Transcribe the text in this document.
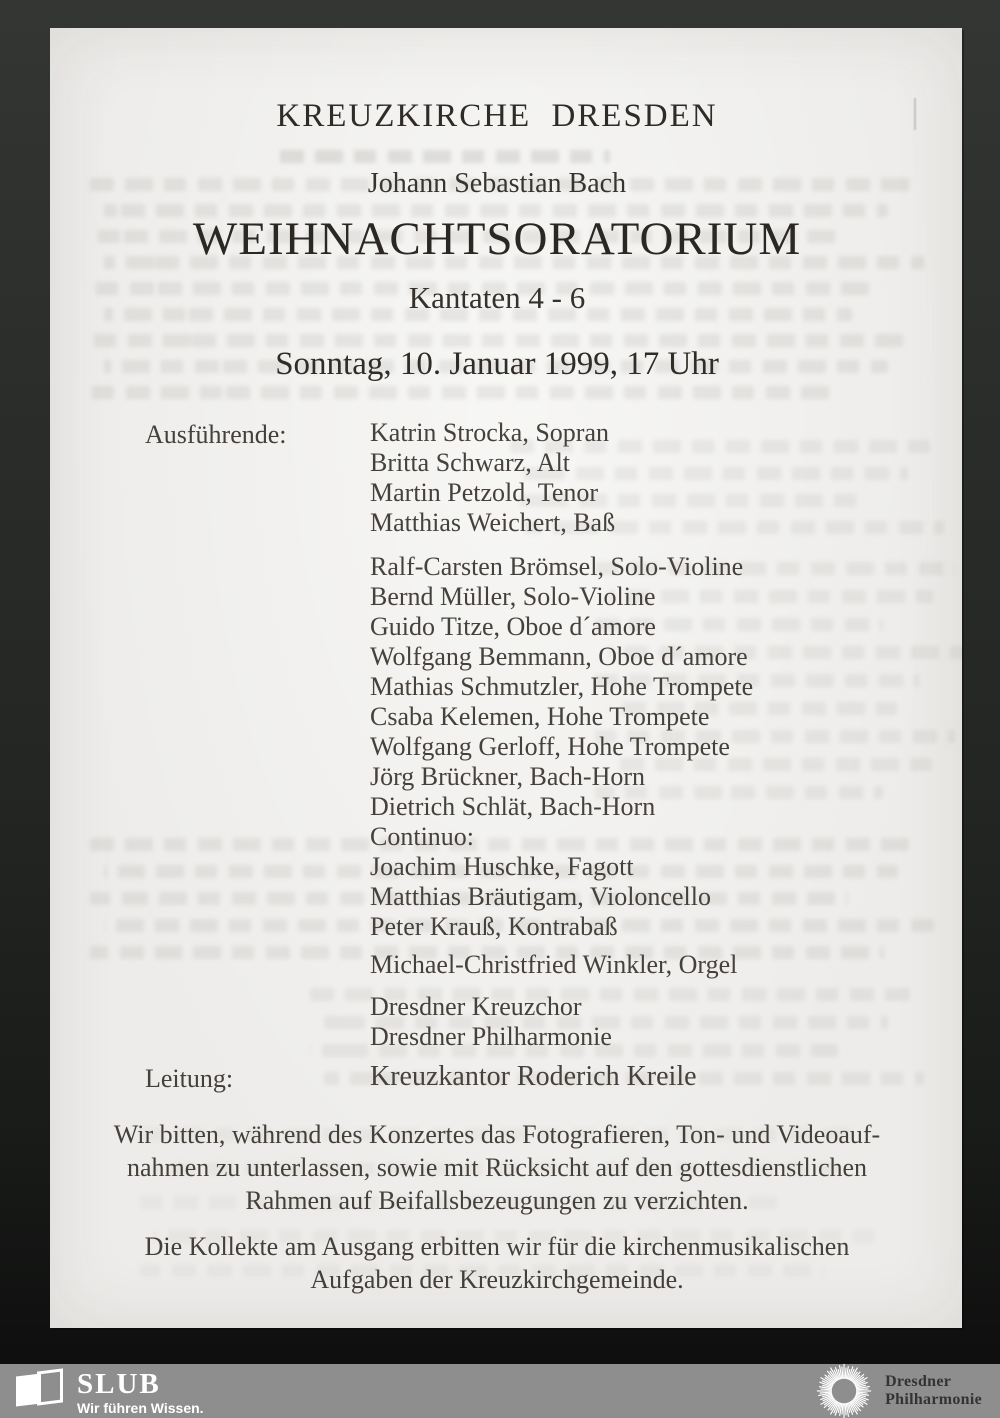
KREUZKIRCHE DRESDEN
Johann Sebastian Bach
WEIHNACHTSORATORIUM
Kantaten 4 - 6
Sonntag, 10. Januar 1999, 17 Uhr
Ausführende:
Leitung:
Katrin Strocka, Sopran
Britta Schwarz, Alt
Martin Petzold, Tenor
Matthias Weichert, Baß
Ralf-Carsten Brömsel, Solo-Violine
Bernd Müller, Solo-Violine
Guido Titze, Oboe d´amore
Wolfgang Bemmann, Oboe d´amore
Mathias Schmutzler, Hohe Trompete
Csaba Kelemen, Hohe Trompete
Wolfgang Gerloff, Hohe Trompete
Jörg Brückner, Bach-Horn
Dietrich Schlät, Bach-Horn
Continuo:
Joachim Huschke, Fagott
Matthias Bräutigam, Violoncello
Peter Krauß, Kontrabaß
Michael-Christfried Winkler, Orgel
Dresdner Kreuzchor
Dresdner Philharmonie
Kreuzkantor Roderich Kreile
Wir bitten, während des Konzertes das Fotografieren, Ton- und Videoauf-
nahmen zu unterlassen, sowie mit Rücksicht auf den gottesdienstlichen
Rahmen auf Beifallsbezeugungen zu verzichten.
Die Kollekte am Ausgang erbitten wir für die kirchenmusikalischen
Aufgaben der Kreuzkirchgemeinde.
SLUB
Wir führen Wissen.
Dresdner
Philharmonie
